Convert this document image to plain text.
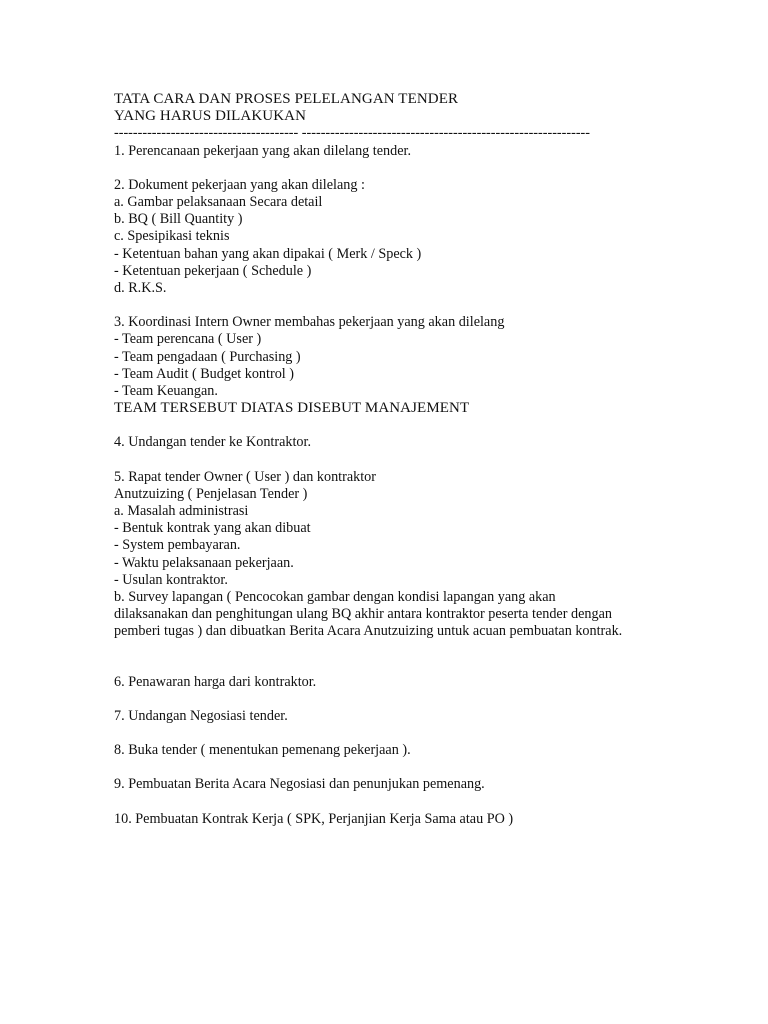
TATA CARA DAN PROSES PELELANGAN TENDER
YANG HARUS DILAKUKAN
--------------------------------------- -------------------------------------------------------------
1. Perencanaan pekerjaan yang akan dilelang tender.
2. Dokument pekerjaan yang akan dilelang :
a. Gambar pelaksanaan Secara detail
b. BQ ( Bill Quantity )
c. Spesipikasi teknis
- Ketentuan bahan yang akan dipakai ( Merk / Speck )
- Ketentuan pekerjaan ( Schedule )
d. R.K.S.
3. Koordinasi Intern Owner membahas pekerjaan yang akan dilelang
- Team perencana ( User )
- Team pengadaan ( Purchasing )
- Team Audit ( Budget kontrol )
- Team Keuangan.
TEAM TERSEBUT DIATAS DISEBUT MANAJEMENT
4. Undangan tender ke Kontraktor.
5. Rapat tender Owner ( User ) dan kontraktor
Anutzuizing ( Penjelasan Tender )
a. Masalah administrasi
- Bentuk kontrak yang akan dibuat
- System pembayaran.
- Waktu pelaksanaan pekerjaan.
- Usulan kontraktor.
b. Survey lapangan ( Pencocokan gambar dengan kondisi lapangan yang akan
dilaksanakan dan penghitungan ulang BQ akhir antara kontraktor peserta tender dengan
pemberi tugas ) dan dibuatkan Berita Acara Anutzuizing untuk acuan pembuatan kontrak.
6. Penawaran harga dari kontraktor.
7. Undangan Negosiasi tender.
8. Buka tender ( menentukan pemenang pekerjaan ).
9. Pembuatan Berita Acara Negosiasi dan penunjukan pemenang.
10. Pembuatan Kontrak Kerja ( SPK, Perjanjian Kerja Sama atau PO )
